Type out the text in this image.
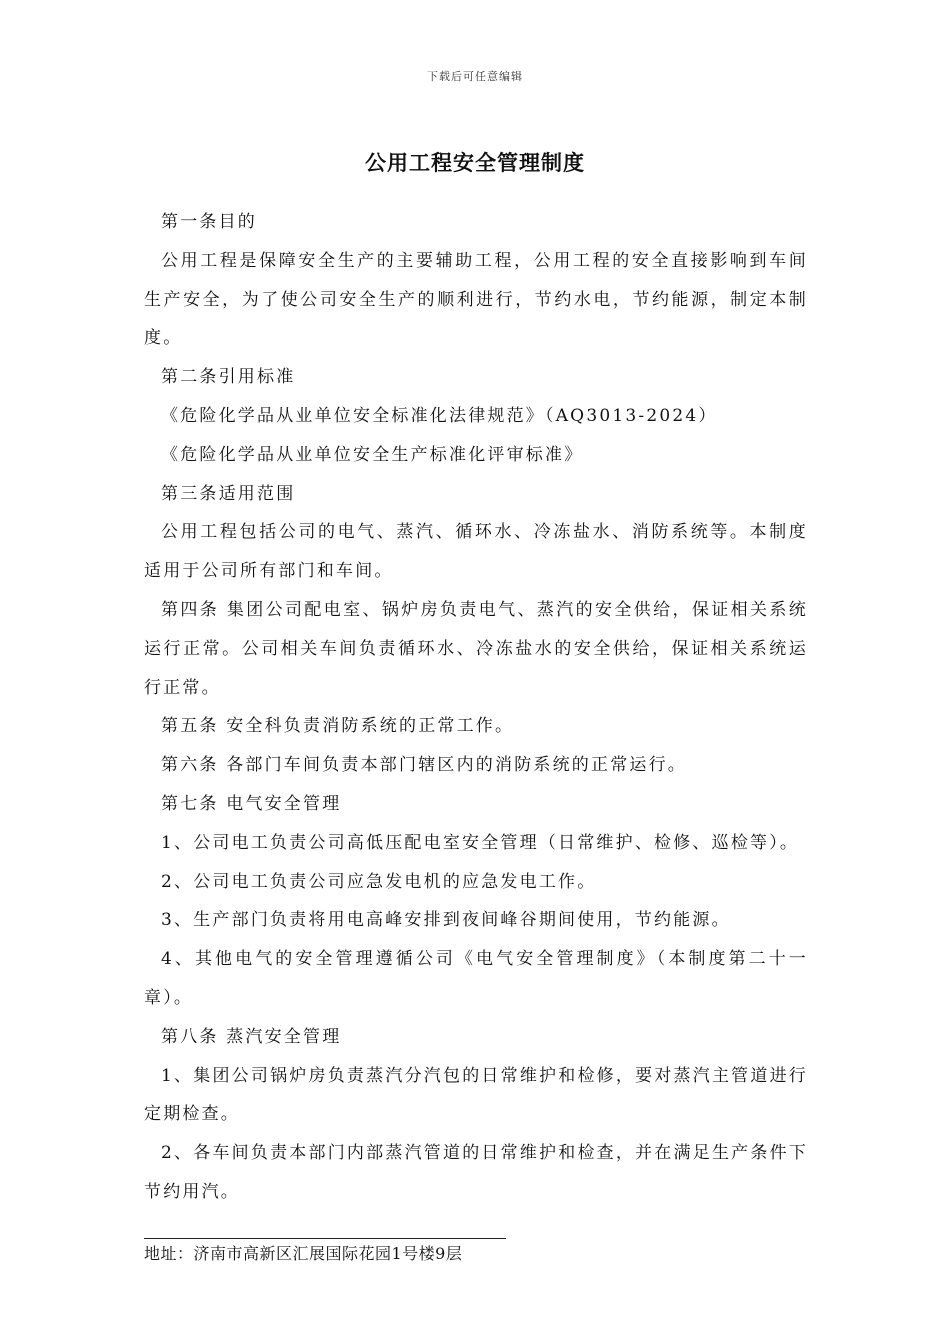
下载后可任意编辑
公用工程安全管理制度

第一条目的

公用工程是保障安全生产的主要辅助工程，公用工程的安全直接影响到车间生产安全，为了使公司安全生产的顺利进行，节约水电，节约能源，制定本制度。

第二条引用标准

《危险化学品从业单位安全标准化法律规范》（AQ3013-2024）

《危险化学品从业单位安全生产标准化评审标准》

第三条适用范围

公用工程包括公司的电气、蒸汽、循环水、冷冻盐水、消防系统等。本制度适用于公司所有部门和车间。

第四条 集团公司配电室、锅炉房负责电气、蒸汽的安全供给，保证相关系统运行正常。公司相关车间负责循环水、冷冻盐水的安全供给，保证相关系统运行正常。

第五条 安全科负责消防系统的正常工作。

第六条 各部门车间负责本部门辖区内的消防系统的正常运行。

第七条 电气安全管理

1、公司电工负责公司高低压配电室安全管理（日常维护、检修、巡检等）。

2、公司电工负责公司应急发电机的应急发电工作。

3、生产部门负责将用电高峰安排到夜间峰谷期间使用，节约能源。

4、其他电气的安全管理遵循公司《电气安全管理制度》（本制度第二十一章）。

第八条 蒸汽安全管理

1、集团公司锅炉房负责蒸汽分汽包的日常维护和检修，要对蒸汽主管道进行定期检查。

2、各车间负责本部门内部蒸汽管道的日常维护和检查，并在满足生产条件下节约用汽。

地址：济南市高新区汇展国际花园1号楼9层
